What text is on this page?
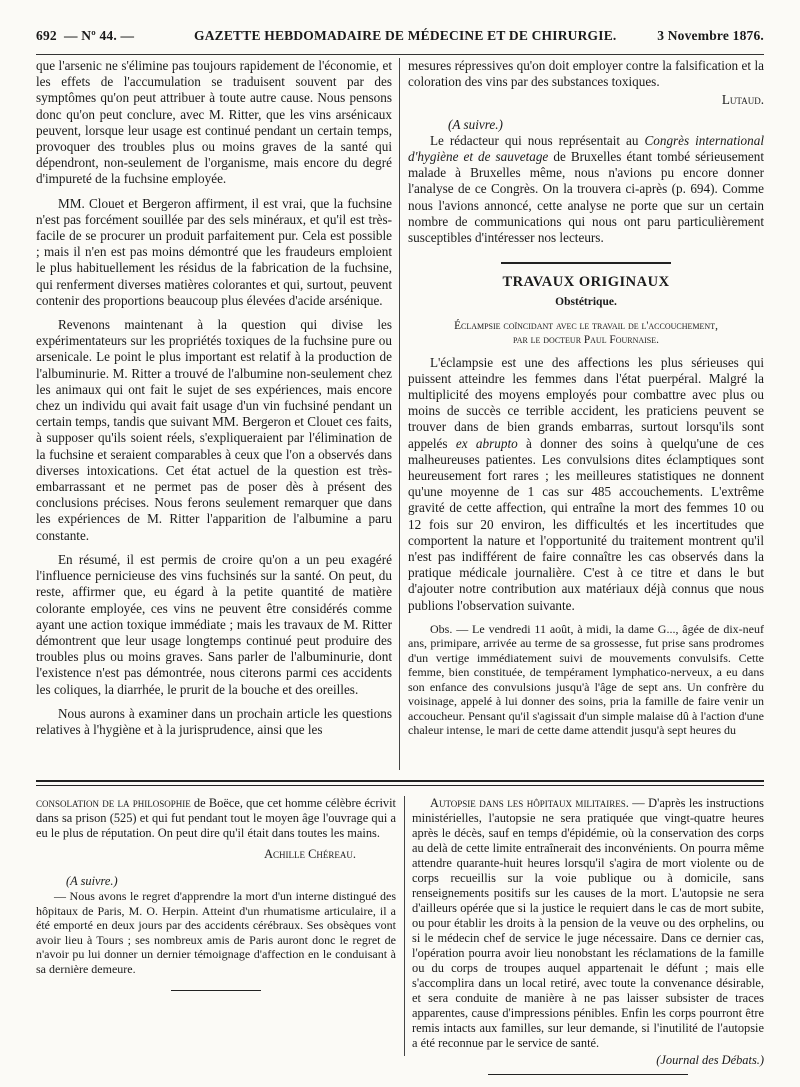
692 — Nº 44. —	GAZETTE HEBDOMADAIRE DE MÉDECINE ET DE CHIRURGIE.	3 Novembre 1876.

que l'arsenic ne s'élimine pas toujours rapidement de l'économie, et les effets de l'accumulation se traduisent souvent par des symptômes qu'on peut attribuer à toute autre cause. Nous pensons donc qu'on peut conclure, avec M. Ritter, que les vins arsénicaux peuvent, lorsque leur usage est continué pendant un certain temps, provoquer des troubles plus ou moins graves de la santé qui dépendront, non-seulement de l'organisme, mais encore du degré d'impureté de la fuchsine employée.

MM. Clouet et Bergeron affirment, il est vrai, que la fuchsine n'est pas forcément souillée par des sels minéraux, et qu'il est très-facile de se procurer un produit parfaitement pur. Cela est possible ; mais il n'en est pas moins démontré que les fraudeurs emploient le plus habituellement les résidus de la fabrication de la fuchsine, qui renferment diverses matières colorantes et qui, surtout, peuvent contenir des proportions beaucoup plus élevées d'acide arsénique.

Revenons maintenant à la question qui divise les expérimentateurs sur les propriétés toxiques de la fuchsine pure ou arsenicale. Le point le plus important est relatif à la production de l'albuminurie. M. Ritter a trouvé de l'albumine non-seulement chez les animaux qui ont fait le sujet de ses expériences, mais encore chez un individu qui avait fait usage d'un vin fuchsiné pendant un certain temps, tandis que suivant MM. Bergeron et Clouet ces faits, à supposer qu'ils soient réels, s'expliqueraient par l'élimination de la fuchsine et seraient comparables à ceux que l'on a observés dans diverses intoxications. Cet état actuel de la question est très-embarrassant et ne permet pas de poser dès à présent des conclusions précises. Nous ferons seulement remarquer que dans les expériences de M. Ritter l'apparition de l'albumine a paru constante.

En résumé, il est permis de croire qu'on a un peu exagéré l'influence pernicieuse des vins fuchsinés sur la santé. On peut, du reste, affirmer que, eu égard à la petite quantité de matière colorante employée, ces vins ne peuvent être considérés comme ayant une action toxique immédiate ; mais les travaux de M. Ritter démontrent que leur usage longtemps continué peut produire des troubles plus ou moins graves. Sans parler de l'albuminurie, dont l'existence n'est pas démontrée, nous citerons parmi ces accidents les coliques, la diarrhée, le prurit de la bouche et des oreilles.

Nous aurons à examiner dans un prochain article les questions relatives à l'hygiène et à la jurisprudence, ainsi que les

mesures répressives qu'on doit employer contre la falsification et la coloration des vins par des substances toxiques.

Lutaud.
(A suivre.)

Le rédacteur qui nous représentait au Congrès international d'hygiène et de sauvetage de Bruxelles étant tombé sérieusement malade à Bruxelles même, nous n'avions pu encore donner l'analyse de ce Congrès. On la trouvera ci-après (p. 694). Comme nous l'avions annoncé, cette analyse ne porte que sur un certain nombre de communications qui nous ont paru particulièrement susceptibles d'intéresser nos lecteurs.

TRAVAUX ORIGINAUX
Obstétrique.
Éclampsie coïncidant avec le travail de l'accouchement,
par le docteur Paul Fournaise.

L'éclampsie est une des affections les plus sérieuses qui puissent atteindre les femmes dans l'état puerpéral. Malgré la multiplicité des moyens employés pour combattre avec plus ou moins de succès ce terrible accident, les praticiens peuvent se trouver dans de bien grands embarras, surtout lorsqu'ils sont appelés ex abrupto à donner des soins à quelqu'une de ces malheureuses patientes. Les convulsions dites éclamptiques sont heureusement fort rares ; les meilleures statistiques ne donnent qu'une moyenne de 1 cas sur 485 accouchements. L'extrême gravité de cette affection, qui entraîne la mort des femmes 10 ou 12 fois sur 20 environ, les difficultés et les incertitudes que comportent la nature et l'opportunité du traitement montrent qu'il n'est pas indifférent de faire connaître les cas observés dans la pratique médicale journalière. C'est à ce titre et dans le but d'ajouter notre contribution aux matériaux déjà connus que nous publions l'observation suivante.

Obs. — Le vendredi 11 août, à midi, la dame G..., âgée de dix-neuf ans, primipare, arrivée au terme de sa grossesse, fut prise sans prodromes d'un vertige immédiatement suivi de mouvements convulsifs. Cette femme, bien constituée, de tempérament lymphatico-nerveux, a eu dans son enfance des convulsions jusqu'à l'âge de sept ans. Un confrère du voisinage, appelé à lui donner des soins, pria la famille de faire venir un accoucheur. Pensant qu'il s'agissait d'un simple malaise dû à l'action d'une chaleur intense, le mari de cette dame attendit jusqu'à sept heures du

consolation de la philosophie de Boëce, que cet homme célèbre écrivit dans sa prison (525) et qui fut pendant tout le moyen âge l'ouvrage qui a eu le plus de réputation. On peut dire qu'il était dans toutes les mains.

Achille Chéreau.
(A suivre.)

— Nous avons le regret d'apprendre la mort d'un interne distingué des hôpitaux de Paris, M. O. Herpin. Atteint d'un rhumatisme articulaire, il a été emporté en deux jours par des accidents cérébraux. Ses obsèques vont avoir lieu à Tours ; ses nombreux amis de Paris auront donc le regret de n'avoir pu lui donner un dernier témoignage d'affection en le conduisant à sa dernière demeure.

Autopsie dans les hôpitaux militaires. — D'après les instructions ministérielles, l'autopsie ne sera pratiquée que vingt-quatre heures après le décès, sauf en temps d'épidémie, où la conservation des corps au delà de cette limite entraînerait des inconvénients. On pourra même attendre quarante-huit heures lorsqu'il s'agira de mort violente ou de corps recueillis sur la voie publique ou à domicile, sans renseignements positifs sur les causes de la mort. L'autopsie ne sera d'ailleurs opérée que si la justice le requiert dans le cas de mort subite, ou pour établir les droits à la pension de la veuve ou des orphelins, ou si le médecin chef de service le juge nécessaire. Dans ce dernier cas, l'opération pourra avoir lieu nonobstant les réclamations de la famille ou du corps de troupes auquel appartenait le défunt ; mais elle s'accomplira dans un local retiré, avec toute la convenance désirable, et sera conduite de manière à ne pas laisser subsister de traces apparentes, cause d'impressions pénibles. Enfin les corps pourront être remis intacts aux familles, sur leur demande, si l'inutilité de l'autopsie a été reconnue par le service de santé.

(Journal des Débats.)
